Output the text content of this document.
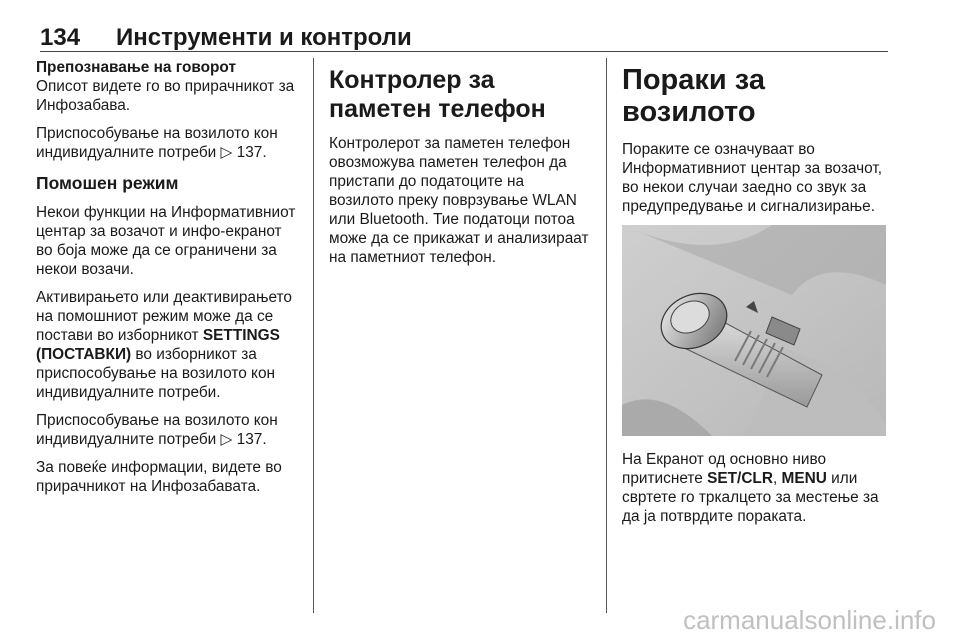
134 Инструменти и контроли
Препознавање на говорот

Описот видете го во прирачникот за Инфозабава.

Приспособување на возилото кон индивидуалните потреби ▷ 137.

Помошен режим

Некои функции на Информативниот центар за возачот и инфо-екранот во боја може да се ограничени за некои возачи.

Активирањето или деактивирањето на помошниот режим може да се постави во изборникот SETTINGS (ПОСТАВКИ) во изборникот за приспособување на возилото кон индивидуалните потреби.

Приспособување на возилото кон индивидуалните потреби ▷ 137.

За повеќе информации, видете во прирачникот на Инфозабавата.

Контролер за паметен телефон

Контролерот за паметен телефон овозможува паметен телефон да пристапи до податоците на возилото преку поврзување WLAN или Bluetooth. Тие податоци потоа може да се прикажат и анализираат на паметниот телефон.

Пораки за возилото

Пораките се означуваат во Информативниот центар за возачот, во некои случаи заедно со звук за предупредување и сигнализирање.

На Екранот од основно ниво притиснете SET/CLR, MENU или свртете го тркалцето за местење за да ја потврдите пораката.

carmanualsonline.info
